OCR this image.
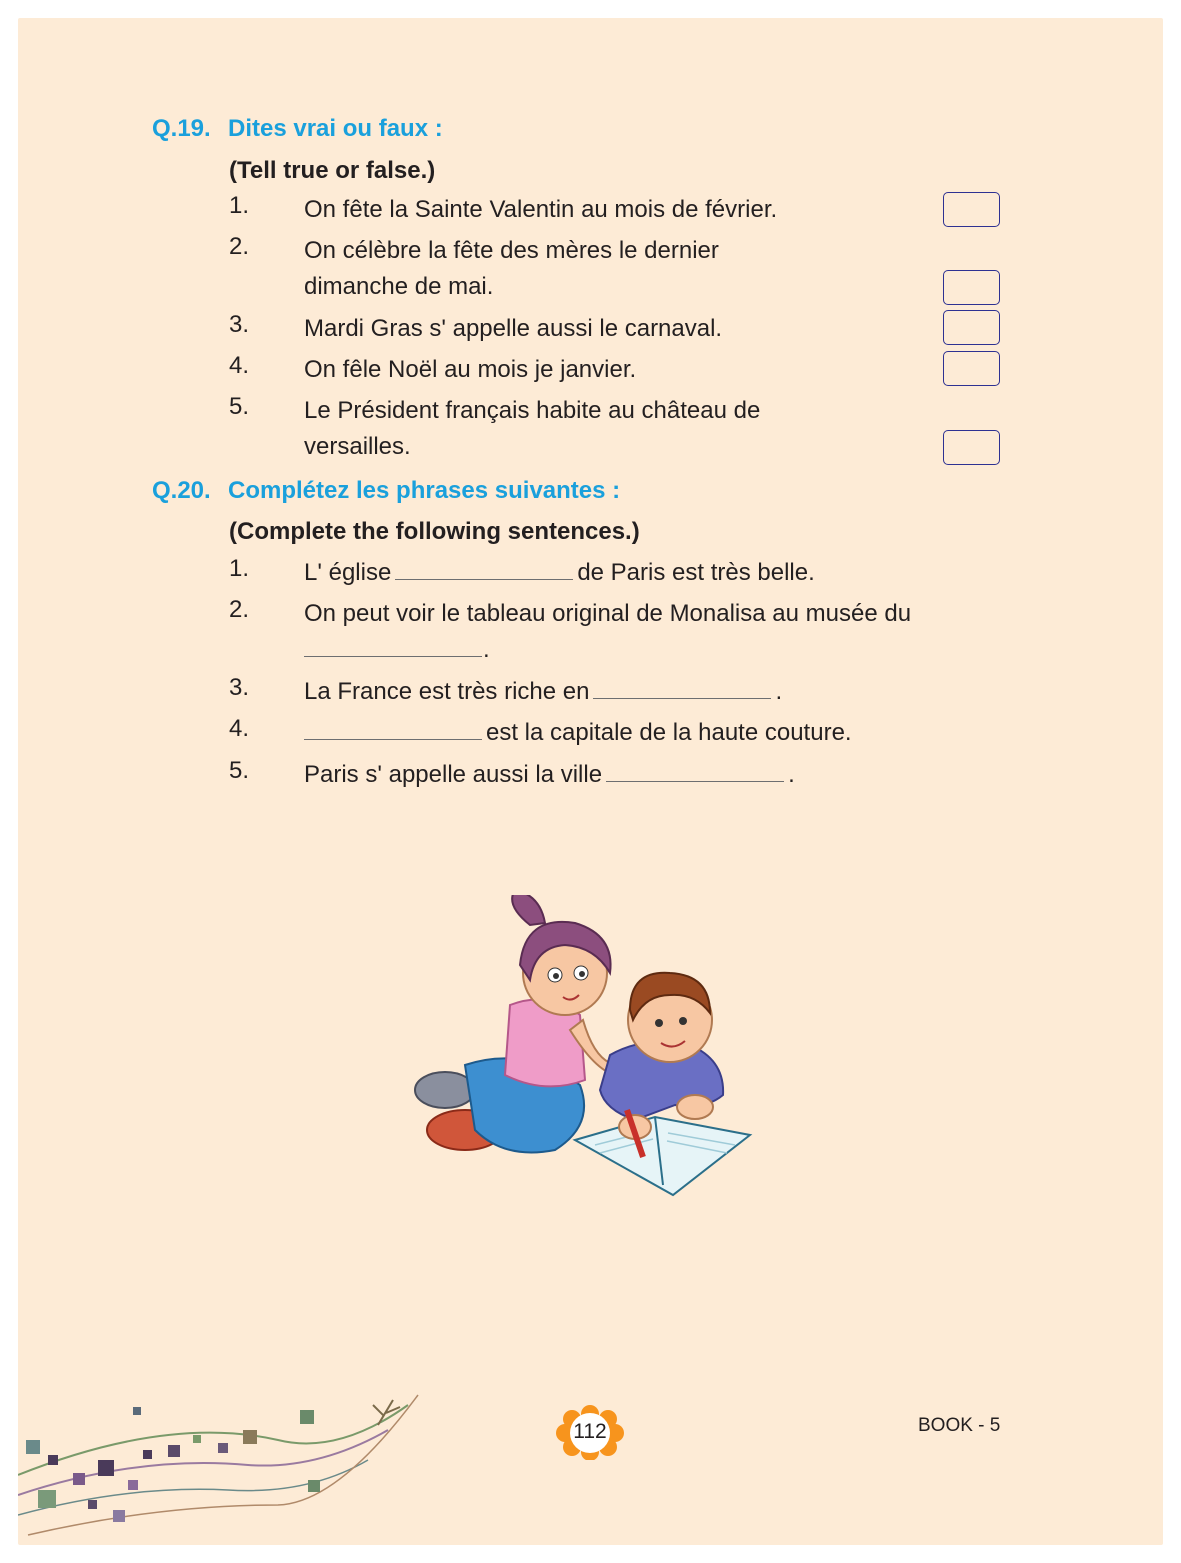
Q.19. Dites vrai ou faux :
(Tell true or false.)
1.	On fête la Sainte Valentin au mois de février.
2.	On célèbre la fête des mères le dernier
dimanche de mai.
3.	Mardi Gras s' appelle aussi le carnaval.
4.	On fêle Noël au mois je janvier.
5.	Le Président français habite au château de
versailles.
Q.20. Complétez les phrases suivantes :
(Complete the following sentences.)
1.	L' église	de Paris est très belle.
2.	On peut voir le tableau original de Monalisa au musée du
.
3.	La France est très riche en	.
4.	est la capitale de la haute couture.
5.	Paris s' appelle aussi la ville	.
112	BOOK - 5
